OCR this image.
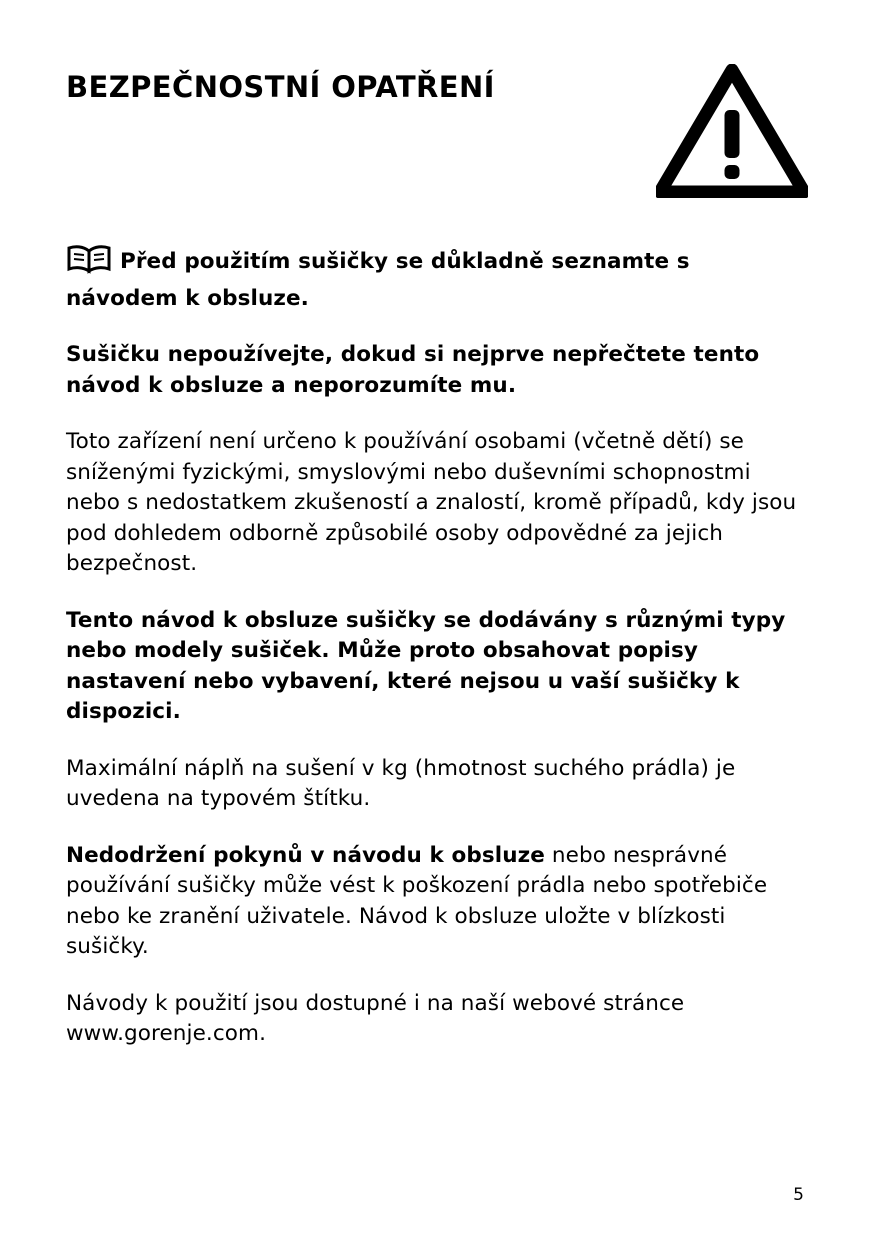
BEZPEČNOSTNÍ OPATŘENÍ

Před použitím sušičky se důkladně seznamte s návodem k obsluze.

Sušičku nepoužívejte, dokud si nejprve nepřečtete tento návod k obsluze a neporozumíte mu.

Toto zařízení není určeno k používání osobami (včetně dětí) se sníženými fyzickými, smyslovými nebo duševními schopnostmi nebo s nedostatkem zkušeností a znalostí, kromě případů, kdy jsou pod dohledem odborně způsobilé osoby odpovědné za jejich bezpečnost.

Tento návod k obsluze sušičky se dodávány s různými typy nebo modely sušiček. Může proto obsahovat popisy nastavení nebo vybavení, které nejsou u vaší sušičky k dispozici.

Maximální náplň na sušení v kg (hmotnost suchého prádla) je uvedena na typovém štítku.

Nedodržení pokynů v návodu k obsluze nebo nesprávné používání sušičky může vést k poškození prádla nebo spotřebiče nebo ke zranění uživatele. Návod k obsluze uložte v blízkosti sušičky.

Návody k použití jsou dostupné i na naší webové stránce www.gorenje.com.

5
